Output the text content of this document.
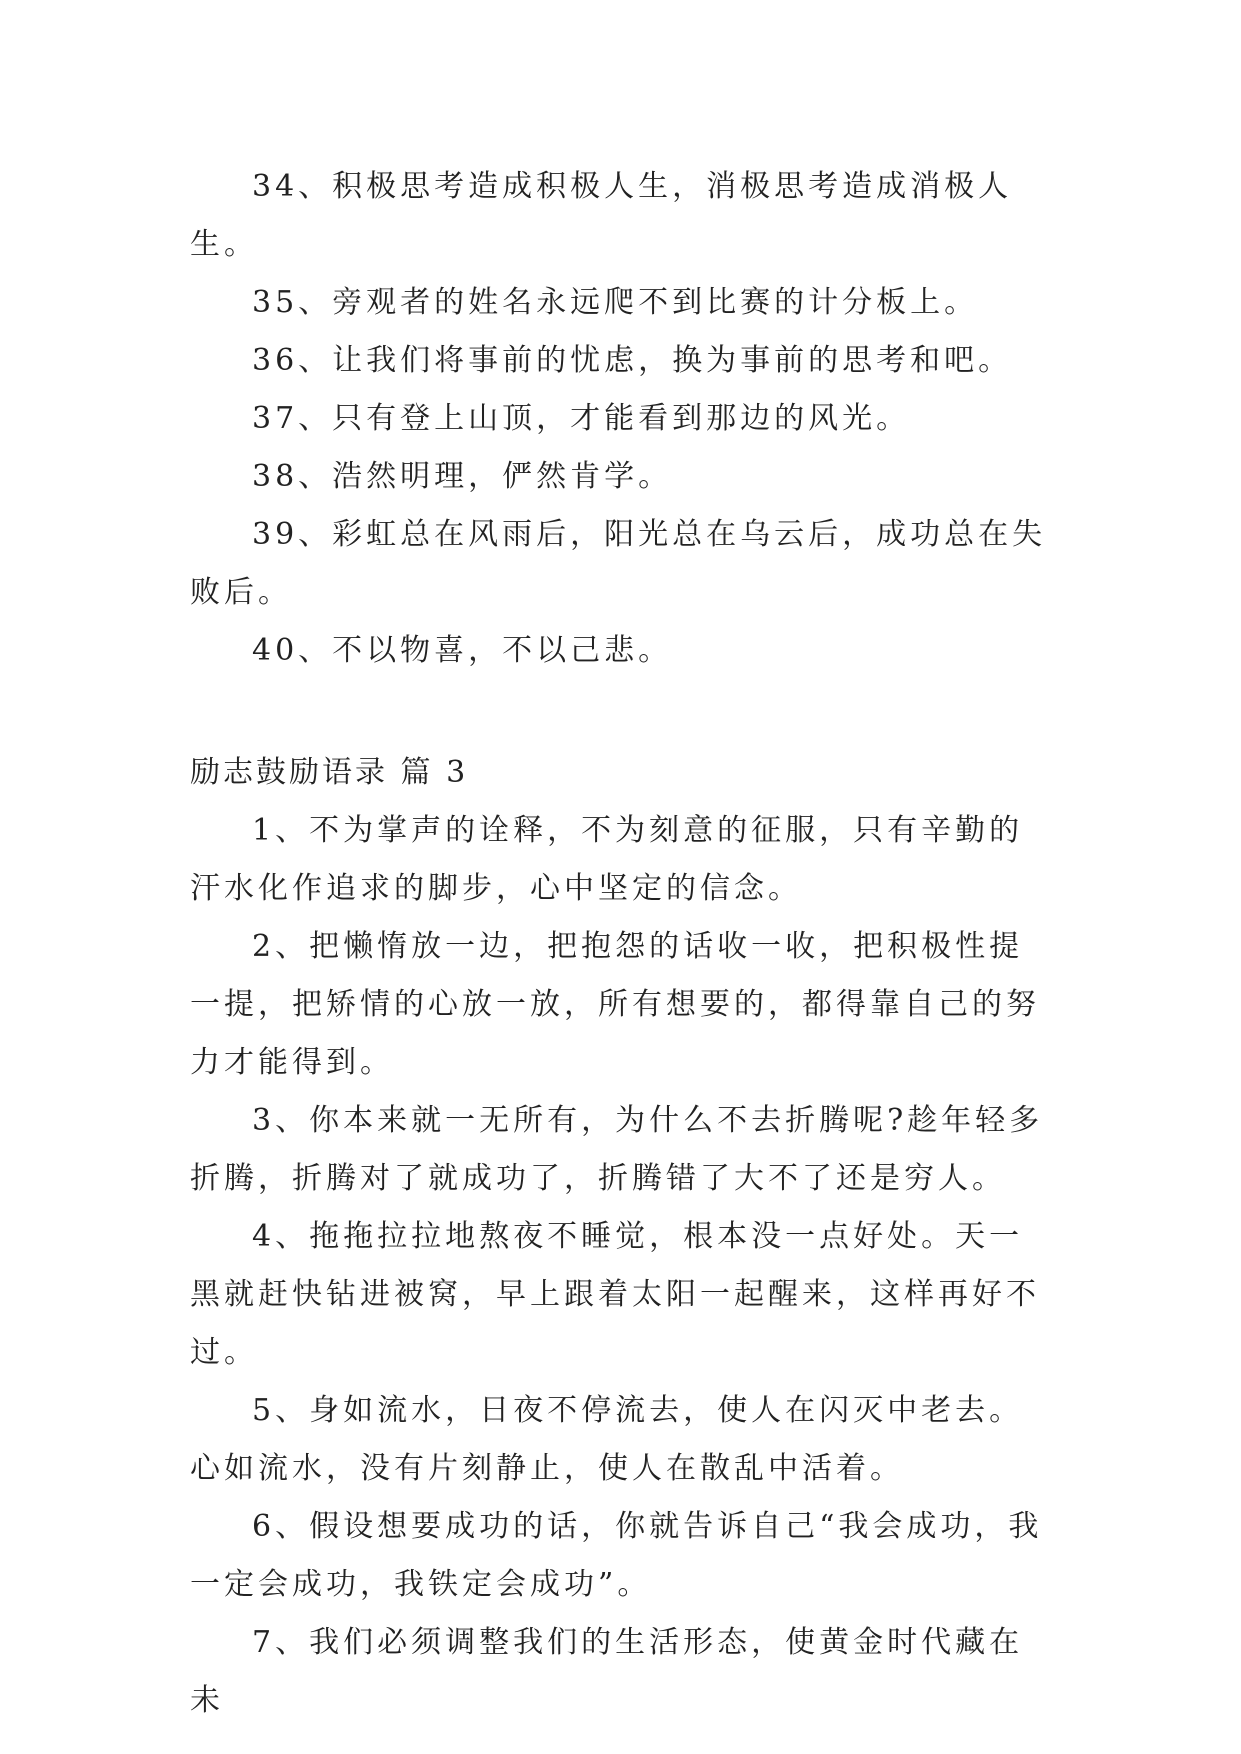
34、积极思考造成积极人生，消极思考造成消极人生。

35、旁观者的姓名永远爬不到比赛的计分板上。

36、让我们将事前的忧虑，换为事前的思考和吧。

37、只有登上山顶，才能看到那边的风光。

38、浩然明理，俨然肯学。

39、彩虹总在风雨后，阳光总在乌云后，成功总在失败后。

40、不以物喜，不以己悲。

励志鼓励语录 篇 3

1、不为掌声的诠释，不为刻意的征服，只有辛勤的汗水化作追求的脚步，心中坚定的信念。

2、把懒惰放一边，把抱怨的话收一收，把积极性提一提，把矫情的心放一放，所有想要的，都得靠自己的努力才能得到。

3、你本来就一无所有，为什么不去折腾呢?趁年轻多折腾，折腾对了就成功了，折腾错了大不了还是穷人。

4、拖拖拉拉地熬夜不睡觉，根本没一点好处。天一黑就赶快钻进被窝，早上跟着太阳一起醒来，这样再好不过。

5、身如流水，日夜不停流去，使人在闪灭中老去。心如流水，没有片刻静止，使人在散乱中活着。

6、假设想要成功的话，你就告诉自己“我会成功，我一定会成功，我铁定会成功”。

7、我们必须调整我们的生活形态，使黄金时代藏在未
